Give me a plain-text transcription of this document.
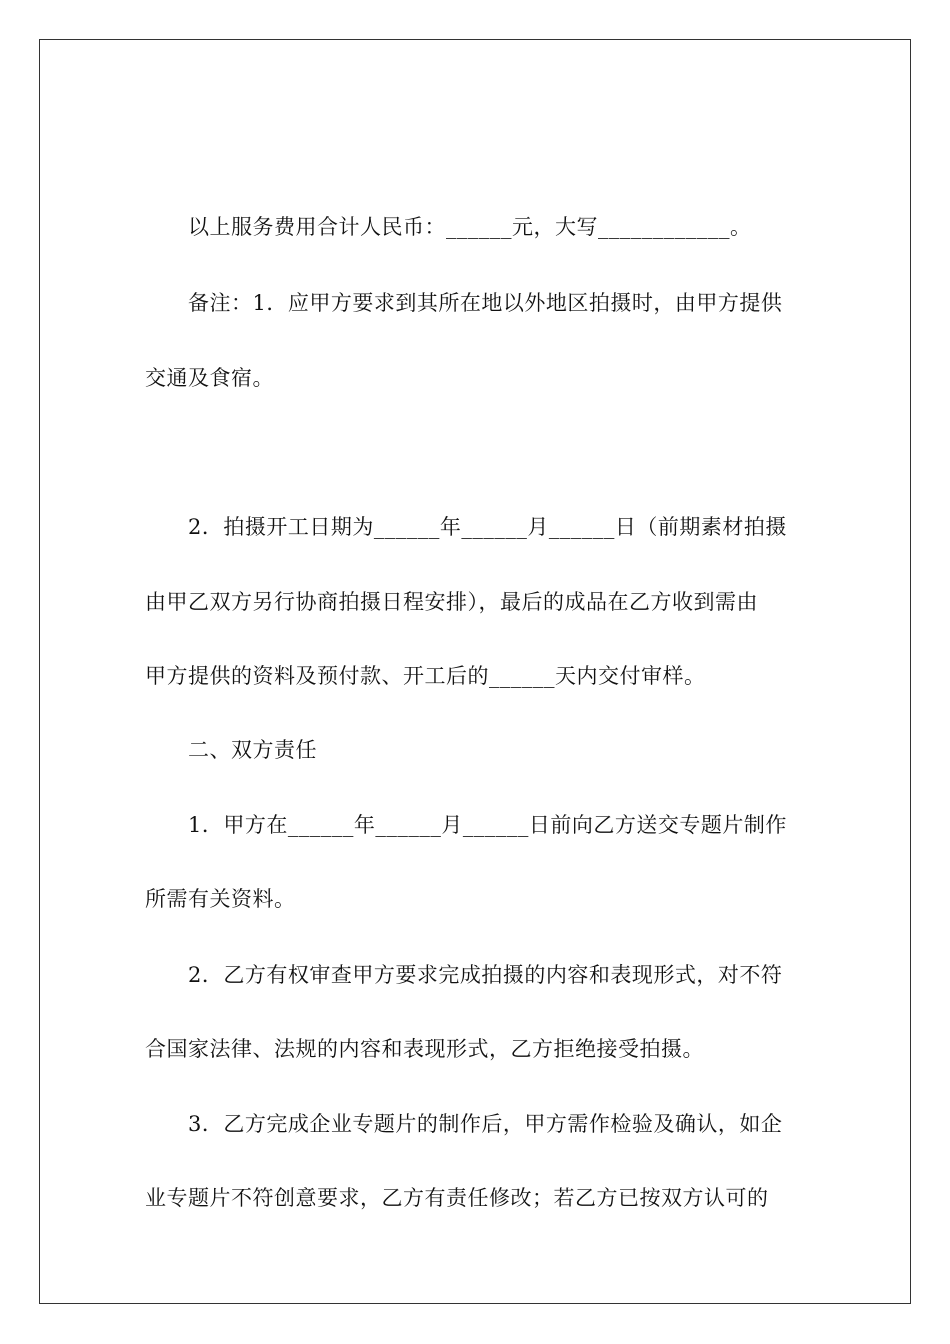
以上服务费用合计人民币：______元，大写____________。
备注：1．应甲方要求到其所在地以外地区拍摄时，由甲方提供
交通及食宿。
2．拍摄开工日期为______年______月______日（前期素材拍摄
由甲乙双方另行协商拍摄日程安排），最后的成品在乙方收到需由
甲方提供的资料及预付款、开工后的______天内交付审样。
二、双方责任
1．甲方在______年______月______日前向乙方送交专题片制作
所需有关资料。
2．乙方有权审查甲方要求完成拍摄的内容和表现形式，对不符
合国家法律、法规的内容和表现形式，乙方拒绝接受拍摄。
3．乙方完成企业专题片的制作后，甲方需作检验及确认，如企
业专题片不符创意要求，乙方有责任修改；若乙方已按双方认可的
